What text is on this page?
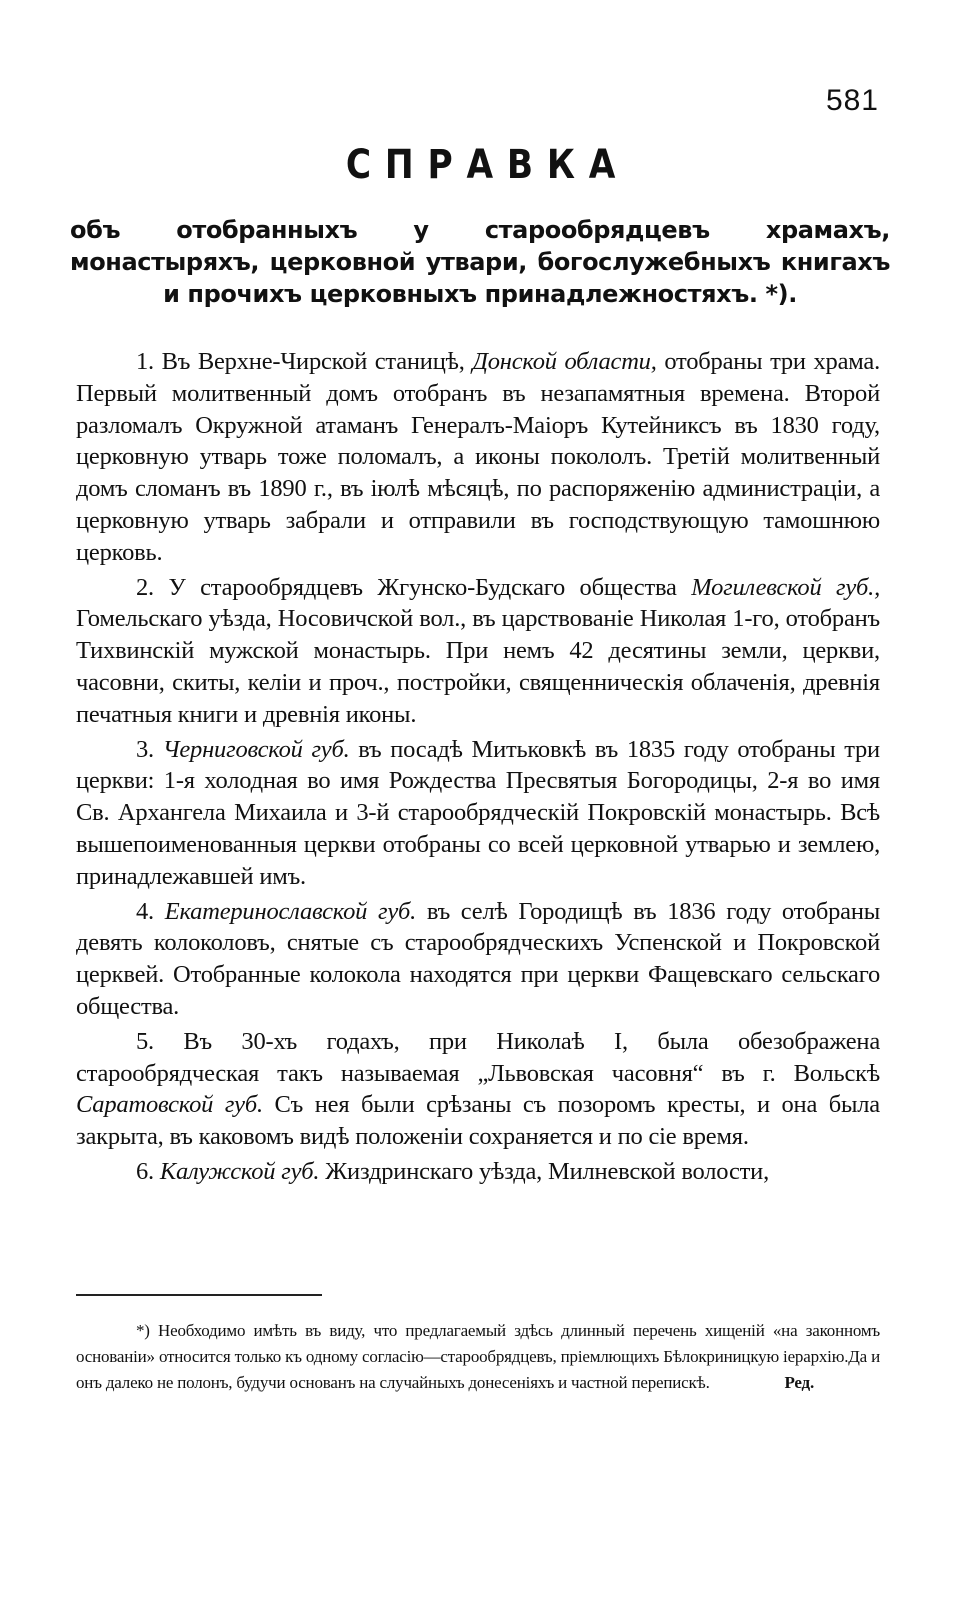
581
СПРАВКА
объ отобранныхъ у старообрядцевъ храмахъ, монастыряхъ, церковной утвари, богослужебныхъ книгахъ и прочихъ церковныхъ принадлежностяхъ. *).

1. Въ Верхне-Чирской станицѣ, Донской области, отобраны три храма. Первый молитвенный домъ отобранъ въ незапамятныя времена. Второй разломалъ Окружной атаманъ Генералъ-Маіоръ Кутейниксъ въ 1830 году, церковную утварь тоже поломалъ, а иконы покололъ. Третій молитвенный домъ сломанъ въ 1890 г., въ іюлѣ мѣсяцѣ, по распоряженію администраціи, а церковную утварь забрали и отправили въ господствующую тамошнюю церковь.

2. У старообрядцевъ Жгунско-Будскаго общества Могилевской губ., Гомельскаго уѣзда, Носовичской вол., въ царствованіе Николая 1-го, отобранъ Тихвинскій мужской монастырь. При немъ 42 десятины земли, церкви, часовни, скиты, келіи и проч., постройки, священническія облаченія, древнія печатныя книги и древнія иконы.

3. Черниговской губ. въ посадѣ Митьковкѣ въ 1835 году отобраны три церкви: 1-я холодная во имя Рождества Пресвятыя Богородицы, 2-я во имя Св. Архангела Михаила и 3-й старообрядческій Покровскій монастырь. Всѣ вышепоименованныя церкви отобраны со всей церковной утварью и землею, принадлежавшей имъ.

4. Екатеринославской губ. въ селѣ Городищѣ въ 1836 году отобраны девять колоколовъ, снятые съ старообрядческихъ Успенской и Покровской церквей. Отобранные колокола находятся при церкви Фащевскаго сельскаго общества.

5. Въ 30-хъ годахъ, при Николаѣ I, была обезображена старообрядческая такъ называемая „Львовская часовня“ въ г. Вольскѣ Саратовской губ. Съ нея были срѣзаны съ позоромъ кресты, и она была закрыта, въ каковомъ видѣ положеніи сохраняется и по сіе время.

6. Калужской губ. Жиздринскаго уѣзда, Милневской волости,

*) Необходимо имѣть въ виду, что предлагаемый здѣсь длинный перечень хищеній «на законномъ основаніи» относится только къ одному согласію—старообрядцевъ, пріемлющихъ Бѣлокриницкую іерархію.Да и онъ далеко не полонъ, будучи основанъ на случайныхъ донесеніяхъ и частной перепискѣ.	Ред.
